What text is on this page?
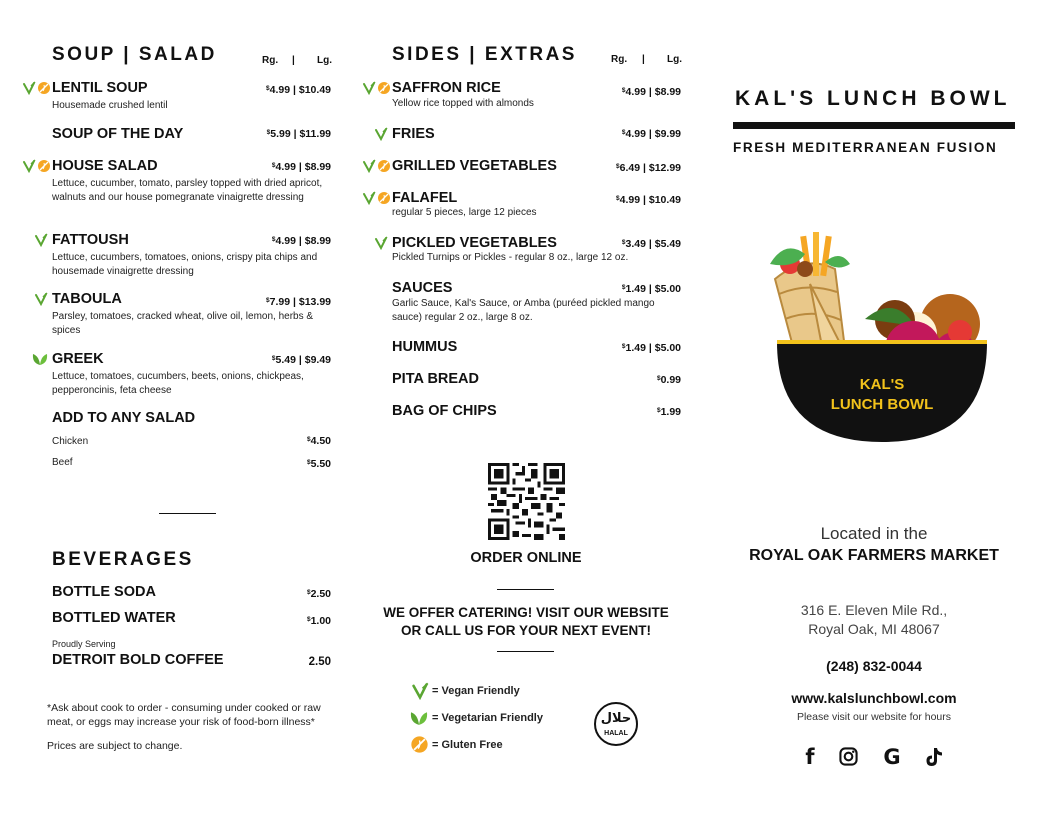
SOUP | SALAD	Rg. | Lg.
LENTIL SOUP	$4.99 | $10.49
Housemade crushed lentil
SOUP OF THE DAY	$5.99 | $11.99
HOUSE SALAD	$4.99 | $8.99
Lettuce, cucumber, tomato, parsley topped with dried apricot, walnuts and our house pomegranate vinaigrette dressing
FATTOUSH	$4.99 | $8.99
Lettuce, cucumbers, tomatoes, onions, crispy pita chips and housemade vinaigrette dressing
TABOULA	$7.99 | $13.99
Parsley, tomatoes, cracked wheat, olive oil, lemon, herbs & spices
GREEK	$5.49 | $9.49
Lettuce, tomatoes, cucumbers, beets, onions, chickpeas, pepperoncinis, feta cheese
ADD TO ANY SALAD
Chicken	$4.50
Beef	$5.50
BEVERAGES
BOTTLE SODA	$2.50
BOTTLED WATER	$1.00
Proudly Serving
DETROIT BOLD COFFEE	2.50
*Ask about cook to order - consuming under cooked or raw meat, or eggs may increase your risk of food-born illness*
Prices are subject to change.
SIDES | EXTRAS	Rg. | Lg.
SAFFRON RICE	$4.99 | $8.99
Yellow rice topped with almonds
FRIES	$4.99 | $9.99
GRILLED VEGETABLES	$6.49 | $12.99
FALAFEL	$4.99 | $10.49
regular 5 pieces, large 12 pieces
PICKLED VEGETABLES	$3.49 | $5.49
Pickled Turnips or Pickles - regular 8 oz., large 12 oz.
SAUCES	$1.49 | $5.00
Garlic Sauce, Kal's Sauce, or Amba (puréed pickled mango sauce) regular 2 oz., large 8 oz.
HUMMUS	$1.49 | $5.00
PITA BREAD	$0.99
BAG OF CHIPS	$1.99
ORDER ONLINE
WE OFFER CATERING! VISIT OUR WEBSITE
OR CALL US FOR YOUR NEXT EVENT!
= Vegan Friendly
= Vegetarian Friendly
= Gluten Free
حلال
HALAL
KAL'S LUNCH BOWL
FRESH MEDITERRANEAN FUSION
KAL'S
LUNCH BOWL
Located in the
ROYAL OAK FARMERS MARKET
316 E. Eleven Mile Rd.,
Royal Oak, MI 48067
(248) 832-0044
www.kalslunchbowl.com
Please visit our website for hours
f	G
